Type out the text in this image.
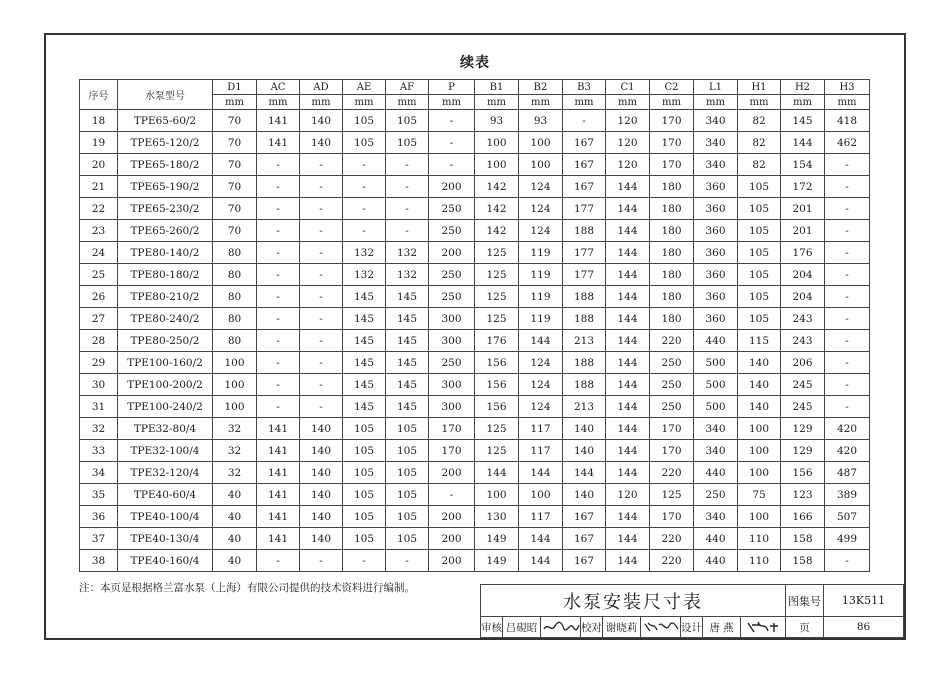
续表
序号	水泵型号	D1	AC	AD	AE	AF	P	B1	B2	B3	C1	C2	L1	H1	H2	H3
		mm	mm	mm	mm	mm	mm	mm	mm	mm	mm	mm	mm	mm	mm	mm
18	TPE65-60/2	70	141	140	105	105	-	93	93	-	120	170	340	82	145	418
19	TPE65-120/2	70	141	140	105	105	-	100	100	167	120	170	340	82	144	462
20	TPE65-180/2	70	-	-	-	-	-	100	100	167	120	170	340	82	154	-
21	TPE65-190/2	70	-	-	-	-	200	142	124	167	144	180	360	105	172	-
22	TPE65-230/2	70	-	-	-	-	250	142	124	177	144	180	360	105	201	-
23	TPE65-260/2	70	-	-	-	-	250	142	124	188	144	180	360	105	201	-
24	TPE80-140/2	80	-	-	132	132	200	125	119	177	144	180	360	105	176	-
25	TPE80-180/2	80	-	-	132	132	250	125	119	177	144	180	360	105	204	-
26	TPE80-210/2	80	-	-	145	145	250	125	119	188	144	180	360	105	204	-
27	TPE80-240/2	80	-	-	145	145	300	125	119	188	144	180	360	105	243	-
28	TPE80-250/2	80	-	-	145	145	300	176	144	213	144	220	440	115	243	-
29	TPE100-160/2	100	-	-	145	145	250	156	124	188	144	250	500	140	206	-
30	TPE100-200/2	100	-	-	145	145	300	156	124	188	144	250	500	140	245	-
31	TPE100-240/2	100	-	-	145	145	300	156	124	213	144	250	500	140	245	-
32	TPE32-80/4	32	141	140	105	105	170	125	117	140	144	170	340	100	129	420
33	TPE32-100/4	32	141	140	105	105	170	125	117	140	144	170	340	100	129	420
34	TPE32-120/4	32	141	140	105	105	200	144	144	144	144	220	440	100	156	487
35	TPE40-60/4	40	141	140	105	105	-	100	100	140	120	125	250	75	123	389
36	TPE40-100/4	40	141	140	105	105	200	130	117	167	144	170	340	100	166	507
37	TPE40-130/4	40	141	140	105	105	200	149	144	167	144	220	440	110	158	499
38	TPE40-160/4	40	-	-	-	-	200	149	144	167	144	220	440	110	158	-
注：本页是根据格兰富水泵（上海）有限公司提供的技术资料进行编制。
水泵安装尺寸表									图集号	13K511
审核	吕硯昭		校对	谢晓莉		设计	唐 燕		页	86
